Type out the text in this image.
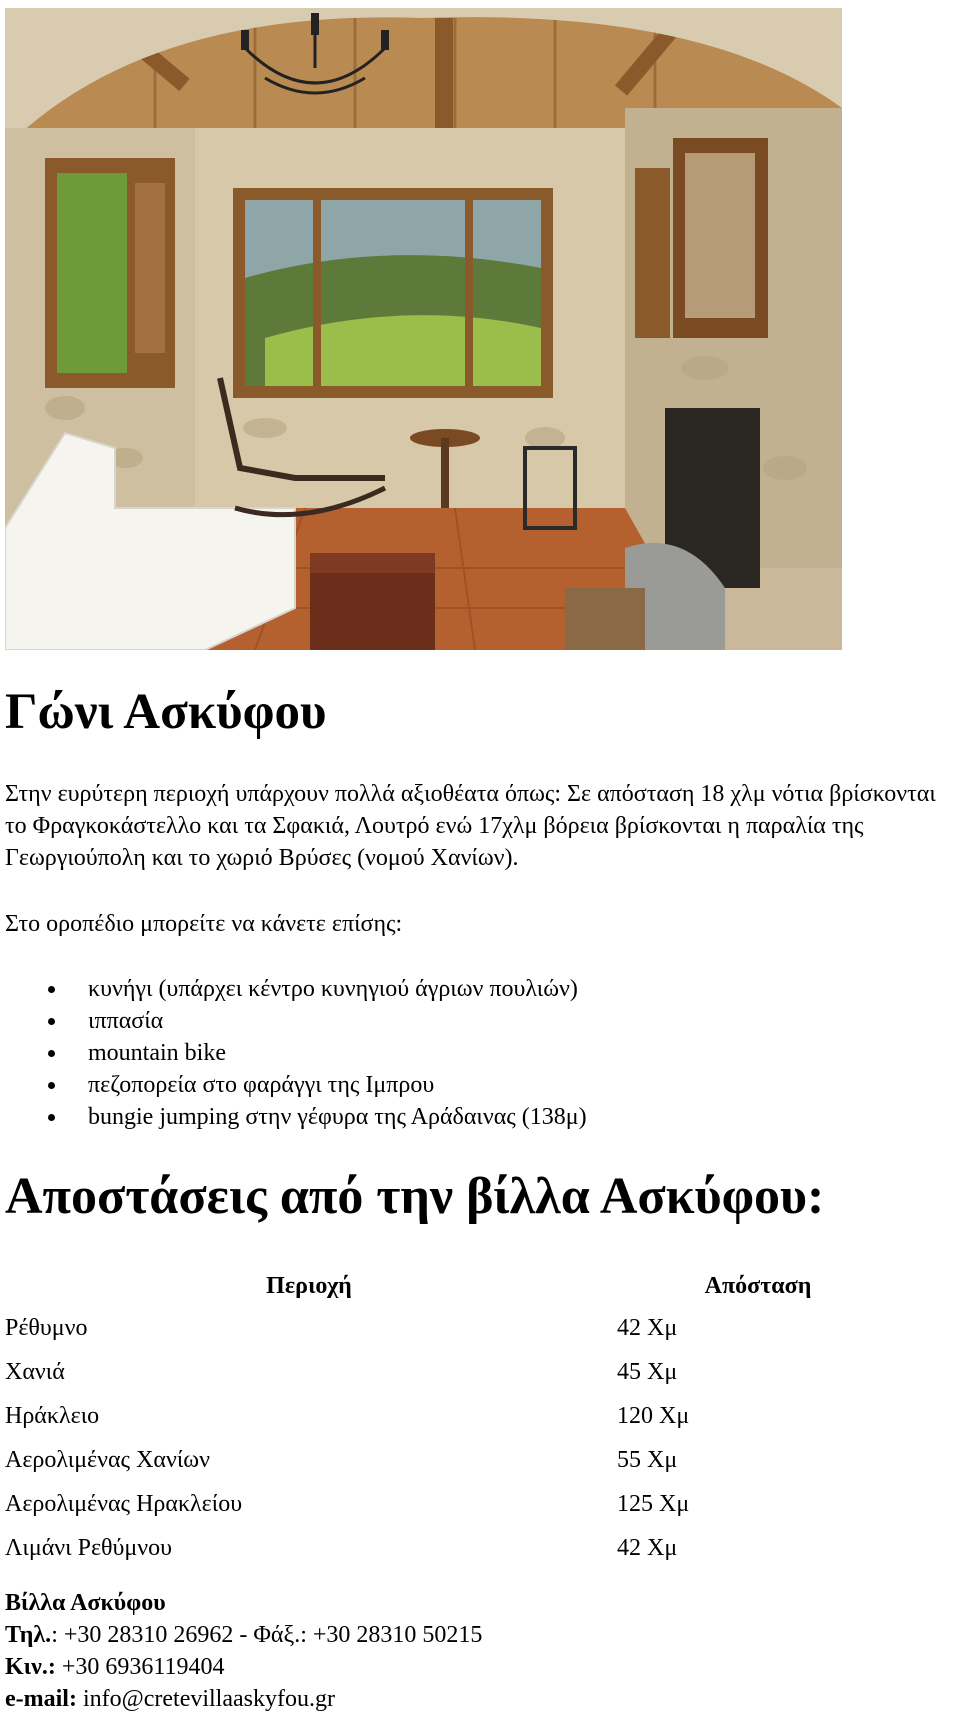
Γώνι Ασκύφου

Στην ευρύτερη περιοχή υπάρχουν πολλά αξιοθέατα όπως: Σε απόσταση 18 χλμ νότια βρίσκονται το Φραγκοκάστελλο και τα Σφακιά, Λουτρό ενώ 17χλμ βόρεια βρίσκονται η παραλία της Γεωργιούπολη και το χωριό Βρύσες (νομού Χανίων).

Στο οροπέδιο μπορείτε να κάνετε επίσης:

κυνήγι (υπάρχει κέντρο κυνηγιού άγριων πουλιών)
ιππασία
mountain bike
πεζοπορεία στο φαράγγι της Ιμπρου
bungie jumping στην γέφυρα της Αράδαινας (138μ)
Αποστάσεις από την βίλλα Ασκύφου:
Περιοχή	Απόσταση
Ρέθυμνο	42 Χμ
Χανιά	45 Χμ
Ηράκλειο	120 Χμ
Αερολιμένας Χανίων	55 Χμ
Αερολιμένας Ηρακλείου	125 Χμ
Λιμάνι Ρεθύμνου	42 Χμ
Βίλλα Ασκύφου
Τηλ.: +30 28310 26962 - Φάξ.: +30 28310 50215
Κιν.: +30 6936119404
e-mail: info@cretevillaaskyfou.gr
